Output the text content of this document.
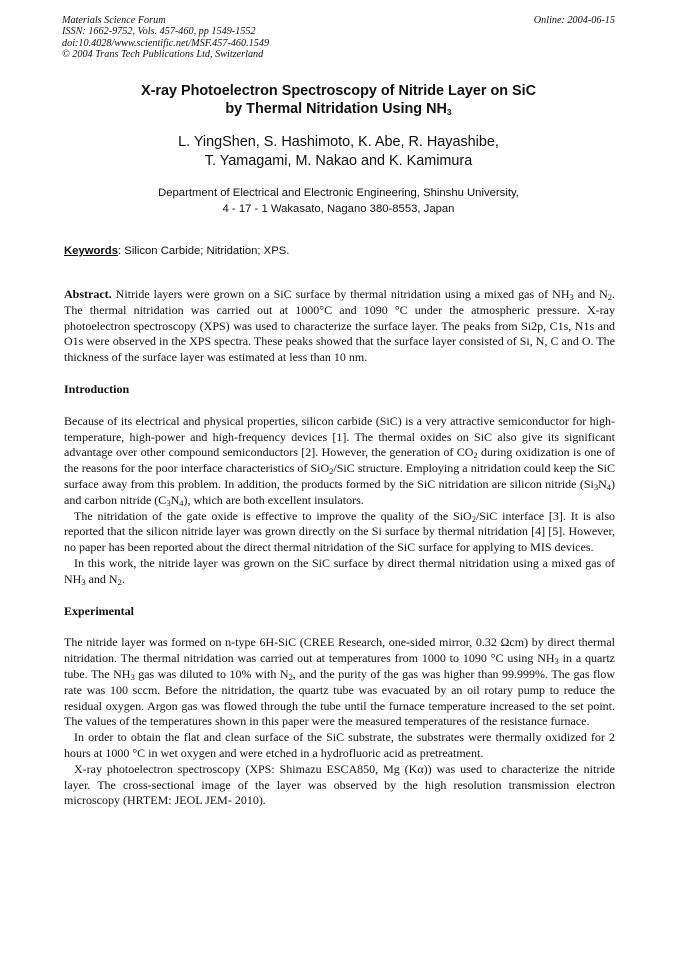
Materials Science Forum
ISSN: 1662-9752, Vols. 457-460, pp 1549-1552
doi:10.4028/www.scientific.net/MSF.457-460.1549
© 2004 Trans Tech Publications Ltd, Switzerland
Online: 2004-06-15
X-ray Photoelectron Spectroscopy of Nitride Layer on SiC
by Thermal Nitridation Using $NH_3$
L. YingShen, S. Hashimoto, K. Abe, R. Hayashibe,
T. Yamagami, M. Nakao and K. Kamimura
Department of Electrical and Electronic Engineering, Shinshu University,
4 - 17 - 1 Wakasato, Nagano 380-8553, Japan
Keywords: Silicon Carbide; Nitridation; XPS.

Abstract. Nitride layers were grown on a SiC surface by thermal nitridation using a mixed gas of $NH_3$ and $N_2$. The thermal nitridation was carried out at 1000°C and 1090 °C under the atmospheric pressure. X-ray photoelectron spectroscopy (XPS) was used to characterize the surface layer. The peaks from Si2p, C1s, N1s and O1s were observed in the XPS spectra. These peaks showed that the surface layer consisted of Si, N, C and O. The thickness of the surface layer was estimated at less than 10 nm.

Introduction

Because of its electrical and physical properties, silicon carbide (SiC) is a very attractive semiconductor for high-temperature, high-power and high-frequency devices [1]. The thermal oxides on SiC also give its significant advantage over other compound semiconductors [2]. However, the generation of $CO_2$ during oxidization is one of the reasons for the poor interface characteristics of SiO$_2$/SiC structure. Employing a nitridation could keep the SiC surface away from this problem. In addition, the products formed by the SiC nitridation are silicon nitride $(Si_3N_4)$ and carbon nitride $(C_3N_4)$, which are both excellent insulators.

The nitridation of the gate oxide is effective to improve the quality of the SiO$_2$/SiC interface [3]. It is also reported that the silicon nitride layer was grown directly on the Si surface by thermal nitridation [4] [5]. However, no paper has been reported about the direct thermal nitridation of the SiC surface for applying to MIS devices.

In this work, the nitride layer was grown on the SiC surface by direct thermal nitridation using a mixed gas of $NH_3$ and $N_2$.

Experimental

The nitride layer was formed on n-type 6H-SiC (CREE Research, one-sided mirror, 0.32 Ωcm) by direct thermal nitridation. The thermal nitridation was carried out at temperatures from 1000 to 1090 °C using $NH_3$ in a quartz tube. The $NH_3$ gas was diluted to 10% with $N_2$, and the purity of the gas was higher than 99.999%. The gas flow rate was 100 sccm. Before the nitridation, the quartz tube was evacuated by an oil rotary pump to reduce the residual oxygen. Argon gas was flowed through the tube until the furnace temperature increased to the set point. The values of the temperatures shown in this paper were the measured temperatures of the resistance furnace.

In order to obtain the flat and clean surface of the SiC substrate, the substrates were thermally oxidized for 2 hours at 1000 °C in wet oxygen and were etched in a hydrofluoric acid as pretreatment.

X-ray photoelectron spectroscopy (XPS: Shimazu ESCA850, Mg (Kα)) was used to characterize the nitride layer. The cross-sectional image of the layer was observed by the high resolution transmission electron microscopy (HRTEM: JEOL JEM- 2010).
